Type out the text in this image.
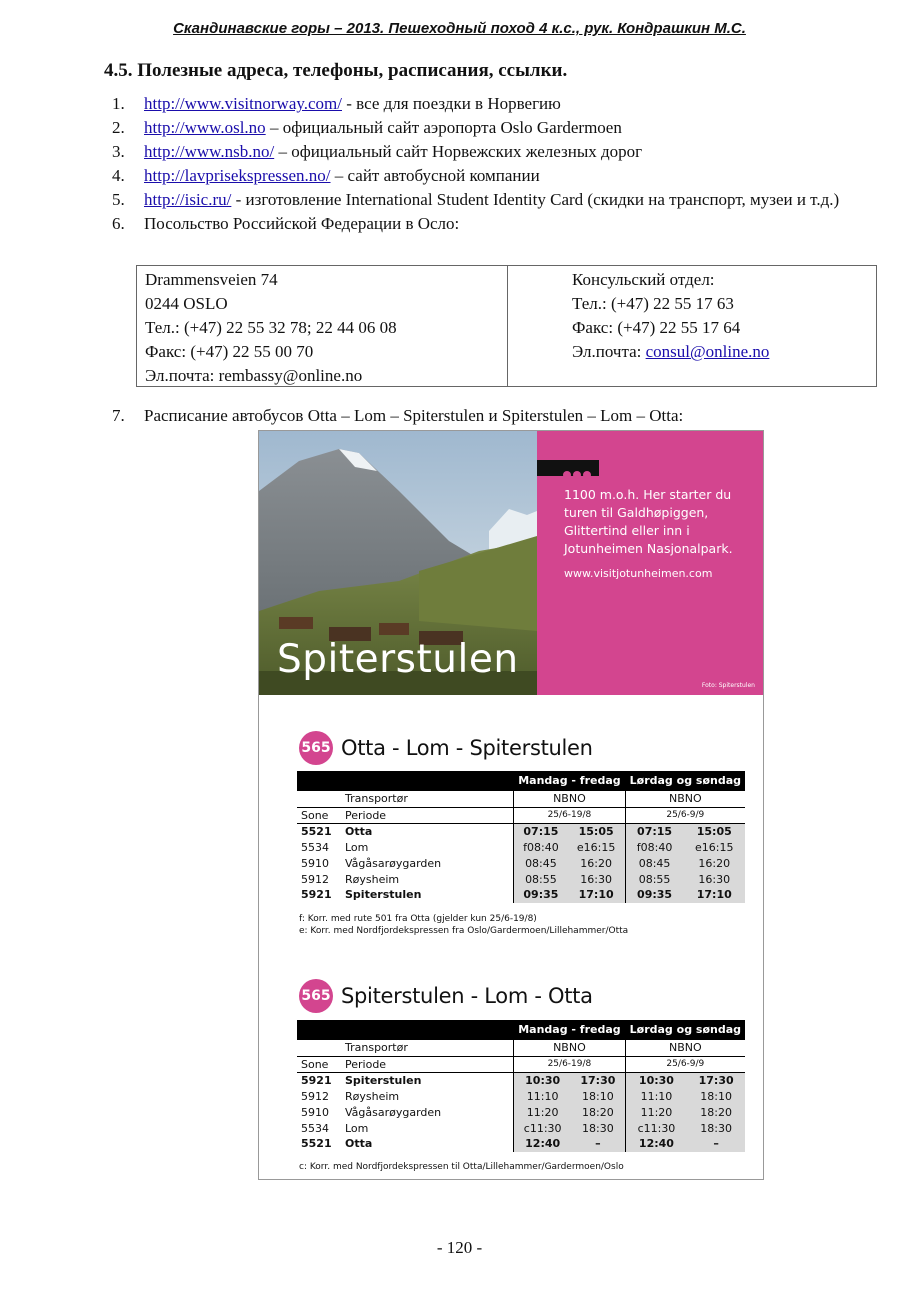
Скандинавские горы – 2013. Пешеходный поход 4 к.с., рук. Кондрашкин М.С.
4.5. Полезные адреса, телефоны, расписания, ссылки.
1.	http://www.visitnorway.com/ - все для поездки в Норвегию
2.	http://www.osl.no – официальный сайт аэропорта Oslo Gardermoen
3.	http://www.nsb.no/ – официальный сайт Норвежских железных дорог
4.	http://lavprisekspressen.no/ – сайт автобусной компании
5.	http://isic.ru/ - изготовление International Student Identity Card (скидки на транспорт, музеи и т.д.)
6.	Посольство Российской Федерации в Осло:
Drammensveien 74
0244 OSLO
Тел.: (+47) 22 55 32 78; 22 44 06 08
Факс: (+47) 22 55 00 70
Эл.почта: rembassy@online.no
Консульский отдел:
Тел.: (+47) 22 55 17 63
Факс: (+47) 22 55 17 64
Эл.почта: consul@online.no
7.	Расписание автобусов Otta – Lom – Spiterstulen и Spiterstulen – Lom – Otta:
Spiterstulen
1100 m.o.h. Her starter du turen til Galdhøpiggen, Glittertind eller inn i Jotunheimen Nasjonalpark.
www.visitjotunheimen.com
Foto: Spiterstulen
565 Otta - Lom - Spiterstulen
		Mandag - fredag		Lørdag og søndag	
	Transportør	NBNO		NBNO	
Sone	Periode	25/6-19/8		25/6-9/9	
5521	Otta	07:15	15:05	07:15	15:05
5534	Lom	f08:40	e16:15	f08:40	e16:15
5910	Vågåsarøygarden	08:45	16:20	08:45	16:20
5912	Røysheim	08:55	16:30	08:55	16:30
5921	Spiterstulen	09:35	17:10	09:35	17:10
f: Korr. med rute 501 fra Otta (gjelder kun 25/6-19/8)
e: Korr. med Nordfjordekspressen fra Oslo/Gardermoen/Lillehammer/Otta
565 Spiterstulen - Lom - Otta
		Mandag - fredag		Lørdag og søndag	
	Transportør	NBNO		NBNO	
Sone	Periode	25/6-19/8		25/6-9/9	
5921	Spiterstulen	10:30	17:30	10:30	17:30
5912	Røysheim	11:10	18:10	11:10	18:10
5910	Vågåsarøygarden	11:20	18:20	11:20	18:20
5534	Lom	c11:30	18:30	c11:30	18:30
5521	Otta	12:40	–	12:40	–
c: Korr. med Nordfjordekspressen til Otta/Lillehammer/Gardermoen/Oslo
- 120 -
